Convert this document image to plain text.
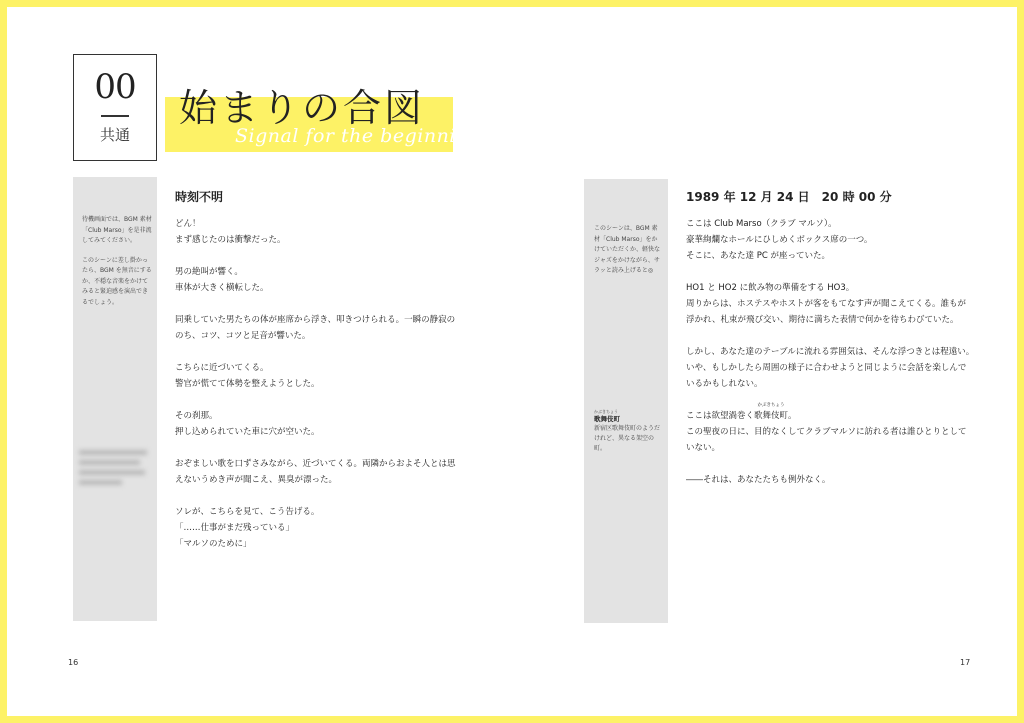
00
共通
始まりの合図
Signal for the beginning

待機画面では、BGM 素材「Club Marso」を是非流してみてください。

このシーンに差し掛かったら、BGM を無音にするか、不穏な音楽をかけてみると緊迫感を演出できるでしょう。

時刻不明

どん！
まず感じたのは衝撃だった。

男の絶叫が響く。
車体が大きく横転した。

同乗していた男たちの体が座席から浮き、叩きつけられる。一瞬の静寂の
のち、コツ、コツと足音が響いた。

こちらに近づいてくる。
警官が慌てて体勢を整えようとした。

その刹那。
押し込められていた車に穴が空いた。

おぞましい歌を口ずさみながら、近づいてくる。両隣からおよそ人とは思
えないうめき声が聞こえ、異臭が漂った。

ソレが、こちらを見て、こう告げる。
「……仕事がまだ残っている」
「マルソのために」

このシーンは、BGM 素材「Club Marso」をかけていただくか、軽快なジャズをかけながら、サラッと読み上げると◎
かぶきちょう
歌舞伎町
新宿区歌舞伎町のようだけれど、異なる架空の町。
1989 年 12 月 24 日　20 時 00 分

ここは Club Marso（クラブ マルソ）。
豪華絢爛なホールにひしめくボックス席の一つ。
そこに、あなた達 PC が座っていた。

HO1 と HO2 に飲み物の準備をする HO3。
周りからは、ホステスやホストが客をもてなす声が聞こえてくる。誰もが
浮かれ、札束が飛び交い、期待に満ちた表情で何かを待ちわびていた。

しかし、あなた達のテーブルに流れる雰囲気は、そんな浮つきとは程遠い。
いや、もしかしたら周囲の様子に合わせようと同じように会話を楽しんで
いるかもしれない。

ここは欲望渦巻く
かぶきちょう
歌舞伎町。
この聖夜の日に、目的なくしてクラブマルソに訪れる者は誰ひとりとして
いない。

――それは、あなたたちも例外なく。

16	17
